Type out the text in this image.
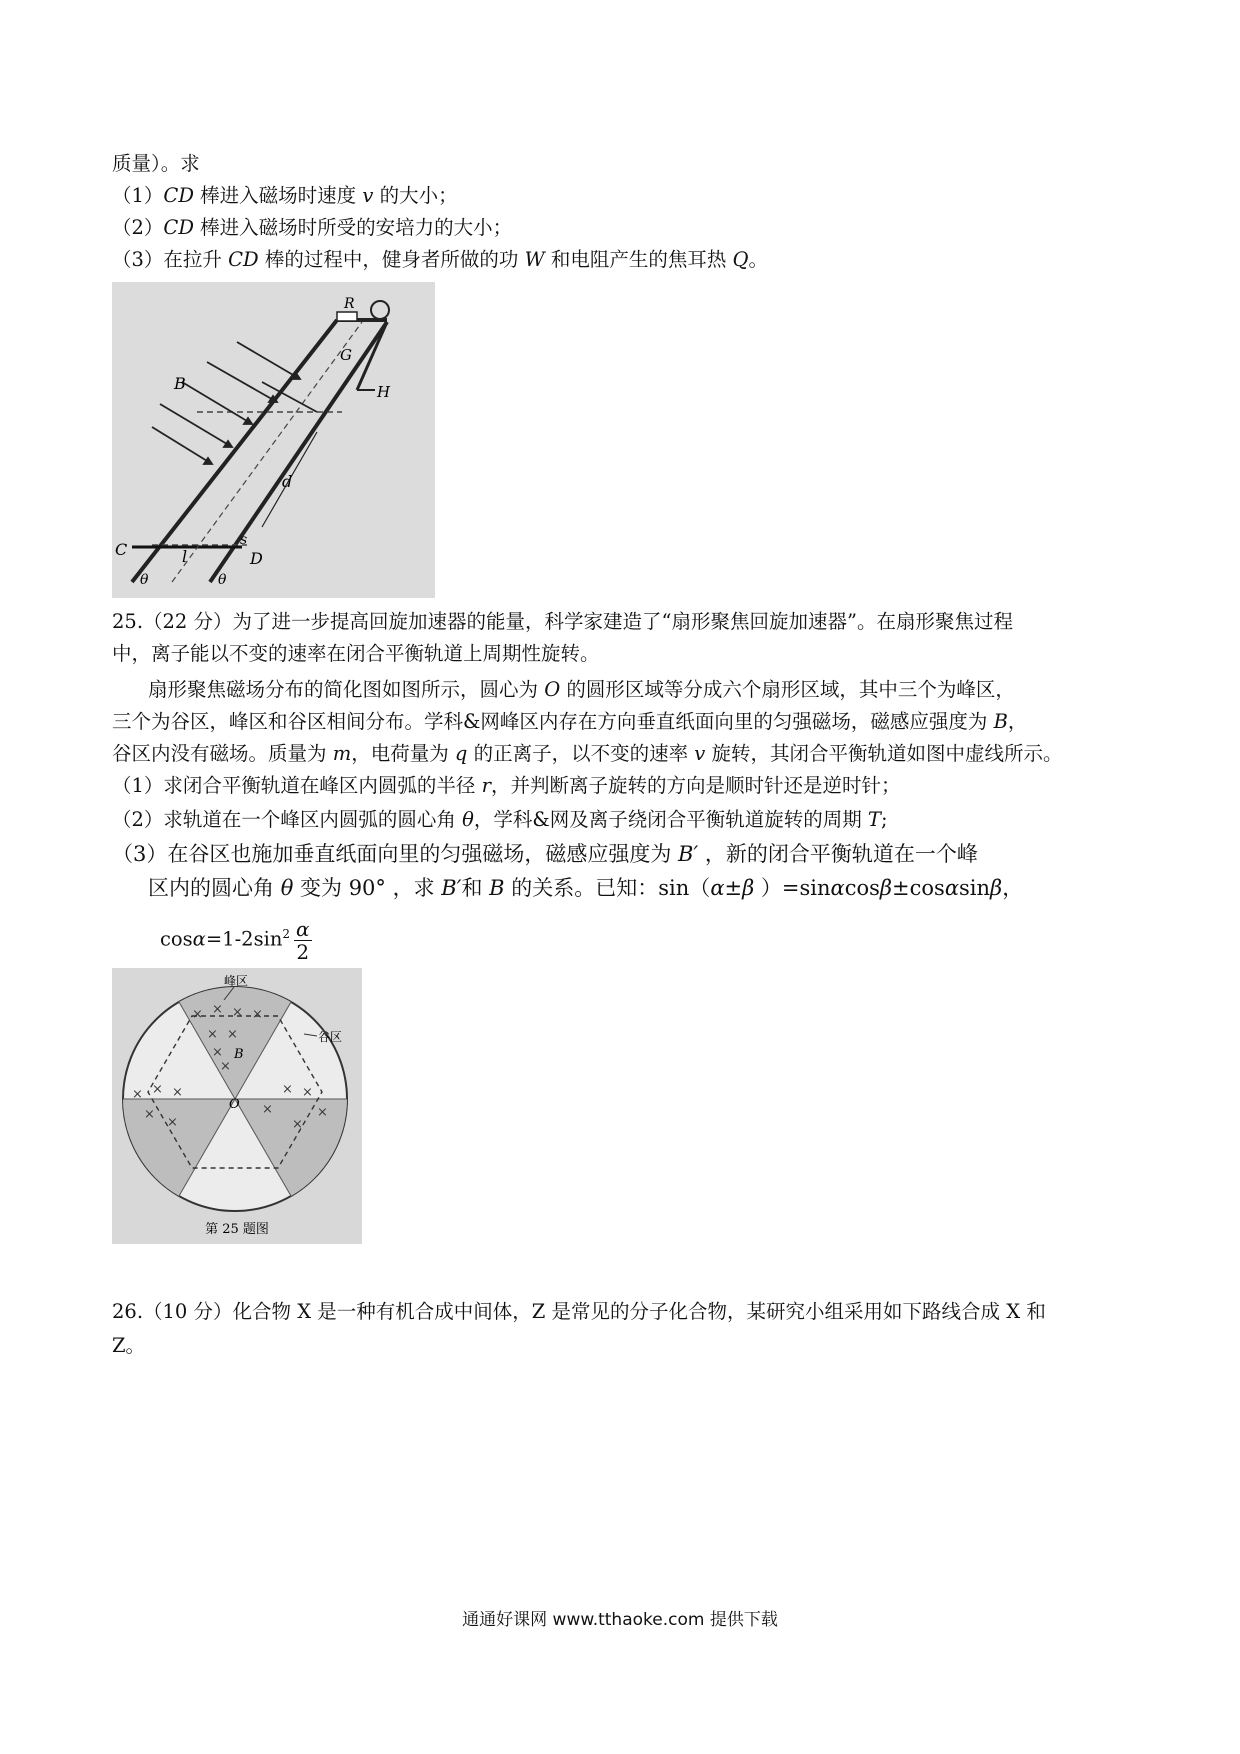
质量）。求
（1）CD 棒进入磁场时速度 v 的大小；
（2）CD 棒进入磁场时所受的安培力的大小；
（3）在拉升 CD 棒的过程中，健身者所做的功 W 和电阻产生的焦耳热 Q。
C	D
l
s
B
d
G
H
R
θ	θ
25.（22 分）为了进一步提高回旋加速器的能量，科学家建造了“扇形聚焦回旋加速器”。在扇形聚焦过程
中，离子能以不变的速率在闭合平衡轨道上周期性旋转。
扇形聚焦磁场分布的简化图如图所示，圆心为 O 的圆形区域等分成六个扇形区域，其中三个为峰区，
三个为谷区，峰区和谷区相间分布。学科&网峰区内存在方向垂直纸面向里的匀强磁场，磁感应强度为 B，
谷区内没有磁场。质量为 m，电荷量为 q 的正离子，以不变的速率 v 旋转，其闭合平衡轨道如图中虚线所示。
（1）求闭合平衡轨道在峰区内圆弧的半径 r，并判断离子旋转的方向是顺时针还是逆时针；
（2）求轨道在一个峰区内圆弧的圆心角 θ，学科&网及离子绕闭合平衡轨道旋转的周期 T;
（3）在谷区也施加垂直纸面向里的匀强磁场，磁感应强度为 B′ ，新的闭合平衡轨道在一个峰
区内的圆心角 θ 变为 90° ，求 B′和 B 的关系。已知：sin（α±β ）=sinαcosβ±cosαsinβ，
$\cos\alpha=1-2\sin^2 \frac{\alpha}{2}$
× × × ×
× ×
×
×
× × ×
×
×
× ×
×
×
×
B
O
峰区
谷区
第 25 题图
26.（10 分）化合物 X 是一种有机合成中间体，Z 是常见的分子化合物，某研究小组采用如下路线合成 X 和
Z。
通通好课网 www.tthaoke.com 提供下载
